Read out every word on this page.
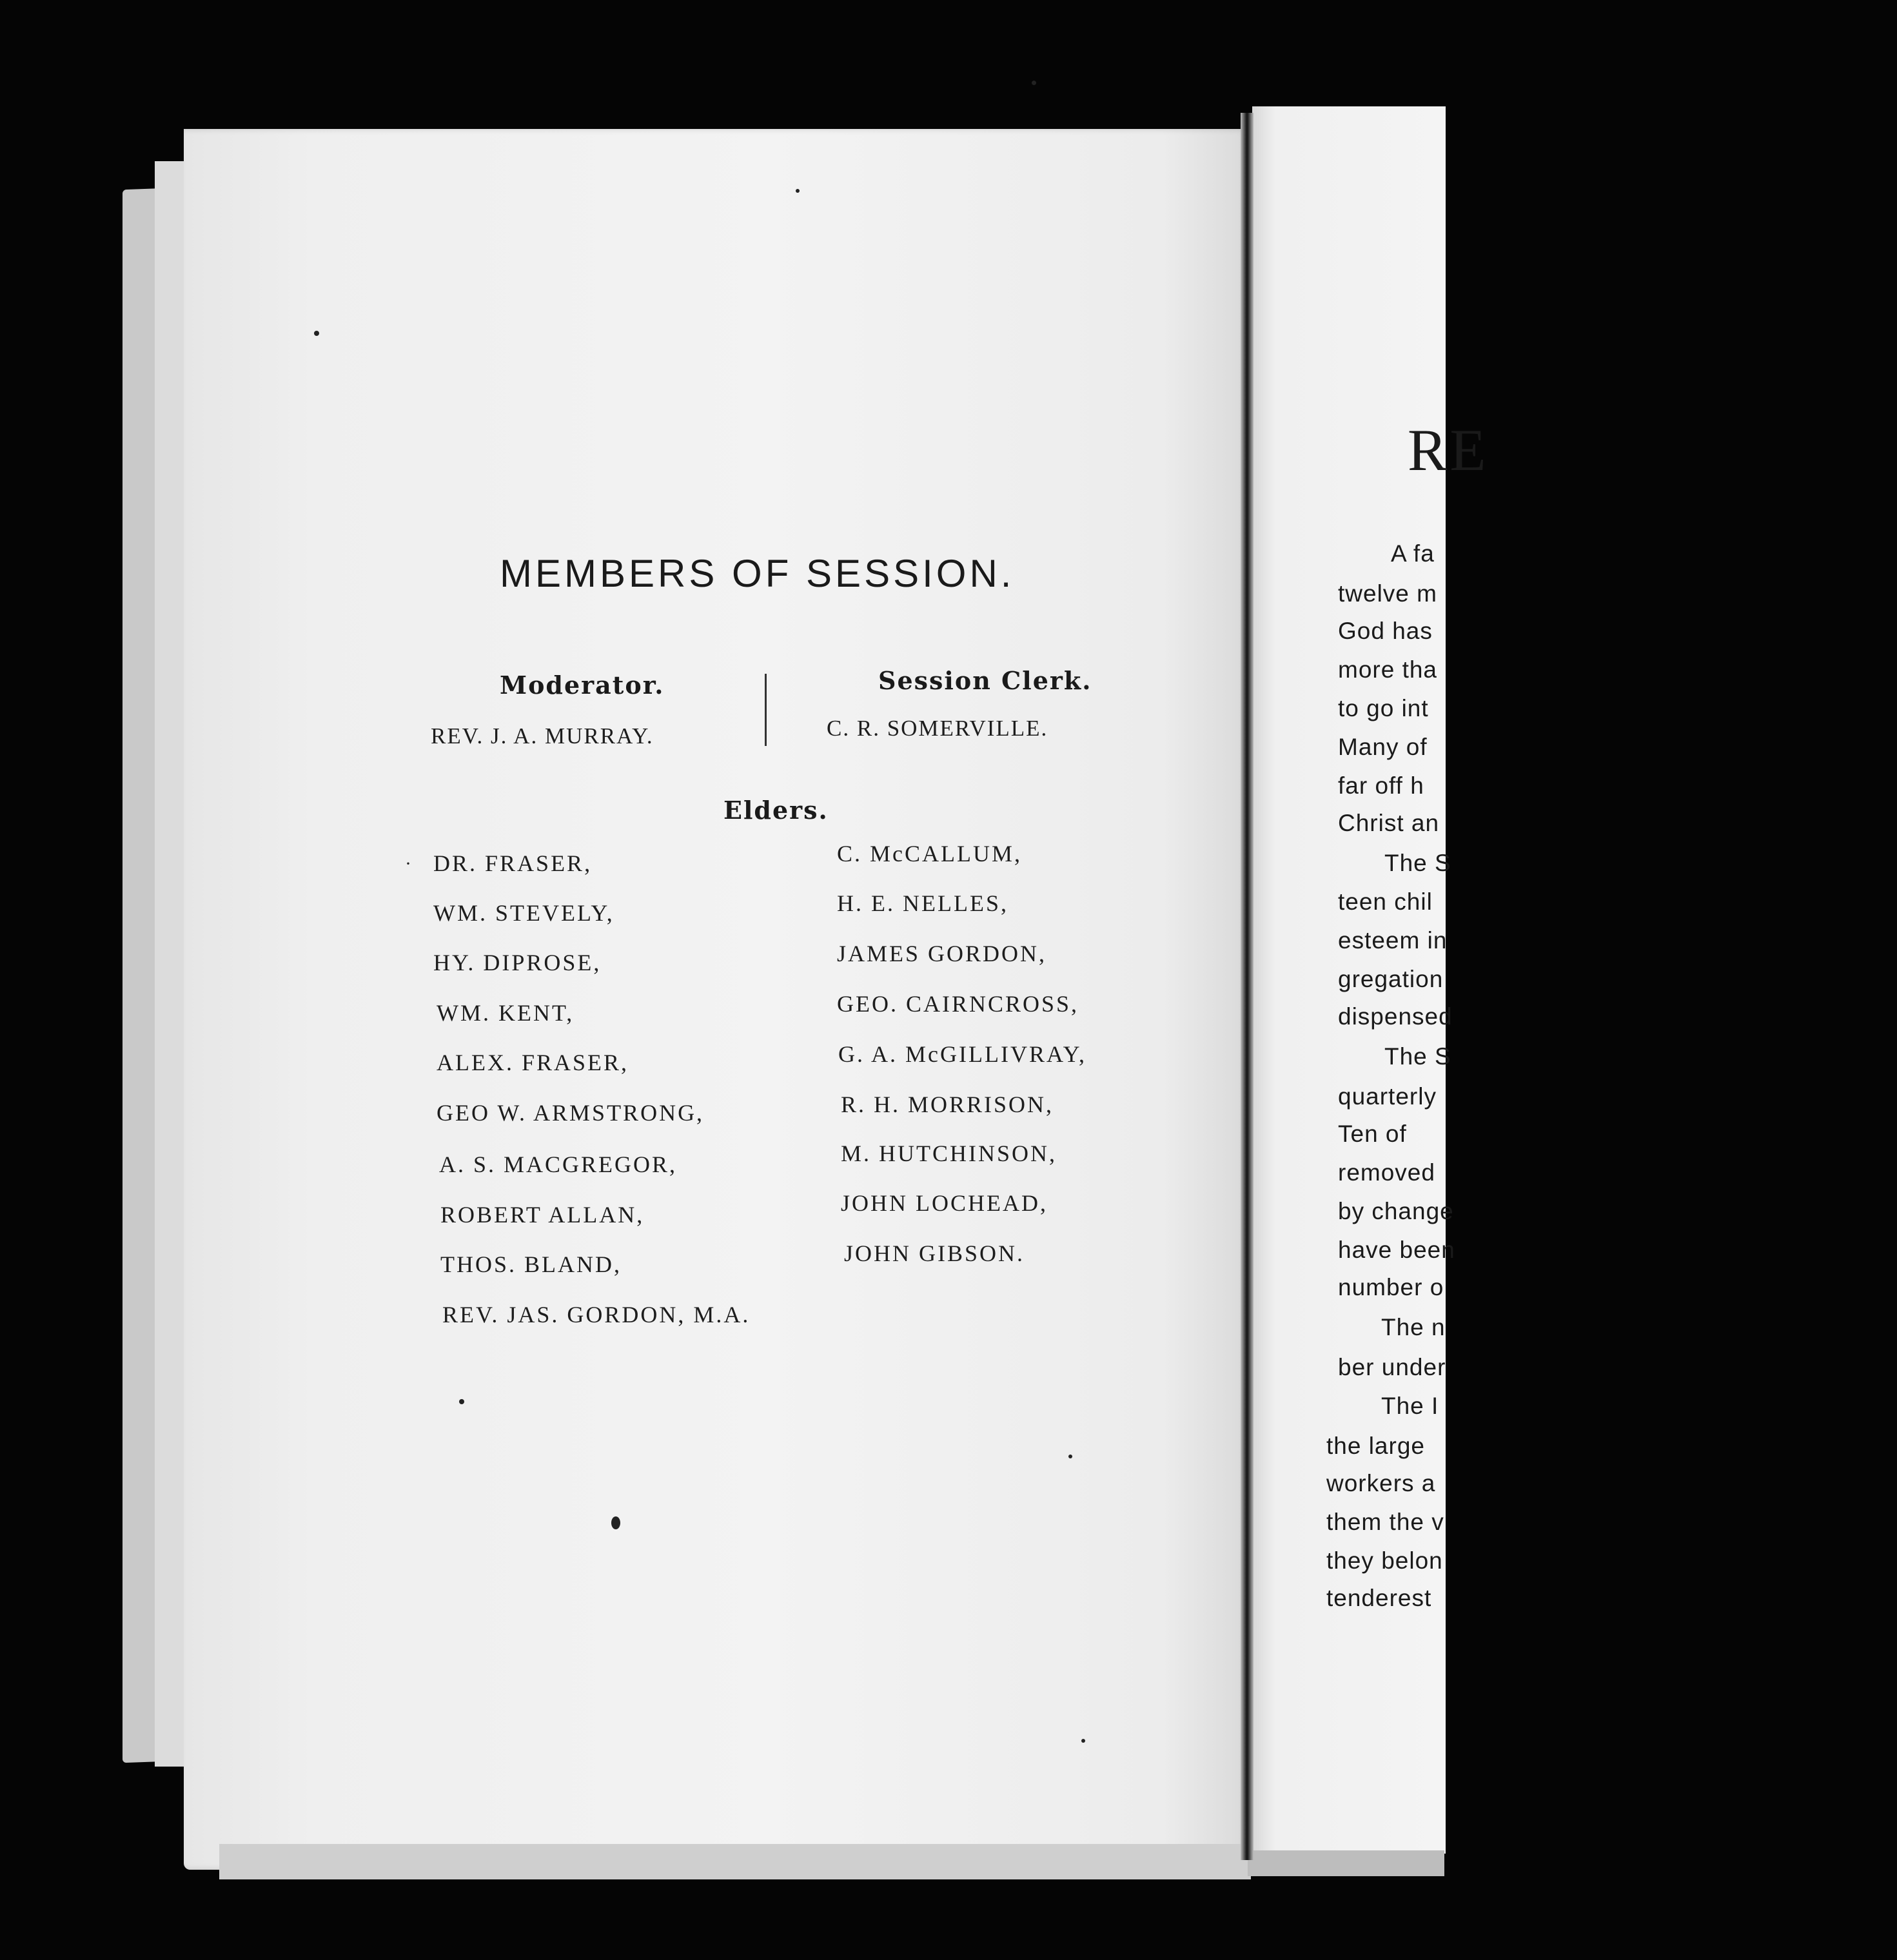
MEMBERS OF SESSION.
Moderator.	Session Clerk.
REV. J. A. MURRAY.	C. R. SOMERVILLE.
Elders.
· DR. FRASER,
WM. STEVELY,
HY. DIPROSE,
WM. KENT,
ALEX. FRASER,
GEO W. ARMSTRONG,
A. S. MACGREGOR,
ROBERT ALLAN,
THOS. BLAND,
REV. JAS. GORDON, M.A.
C. McCALLUM,
H. E. NELLES,
JAMES GORDON,
GEO. CAIRNCROSS,
G. A. McGILLIVRAY,
R. H. MORRISON,
M. HUTCHINSON,
JOHN LOCHEAD,
JOHN GIBSON.
RE
A fa
twelve m
God has
more tha
to go int
Many of
far off h
Christ an
The S
teen chil
esteem in
gregation
dispensed
The S
quarterly
Ten of
removed
by change
have been
number o
The n
ber under
The I
the large
workers a
them the v
they belon
tenderest
